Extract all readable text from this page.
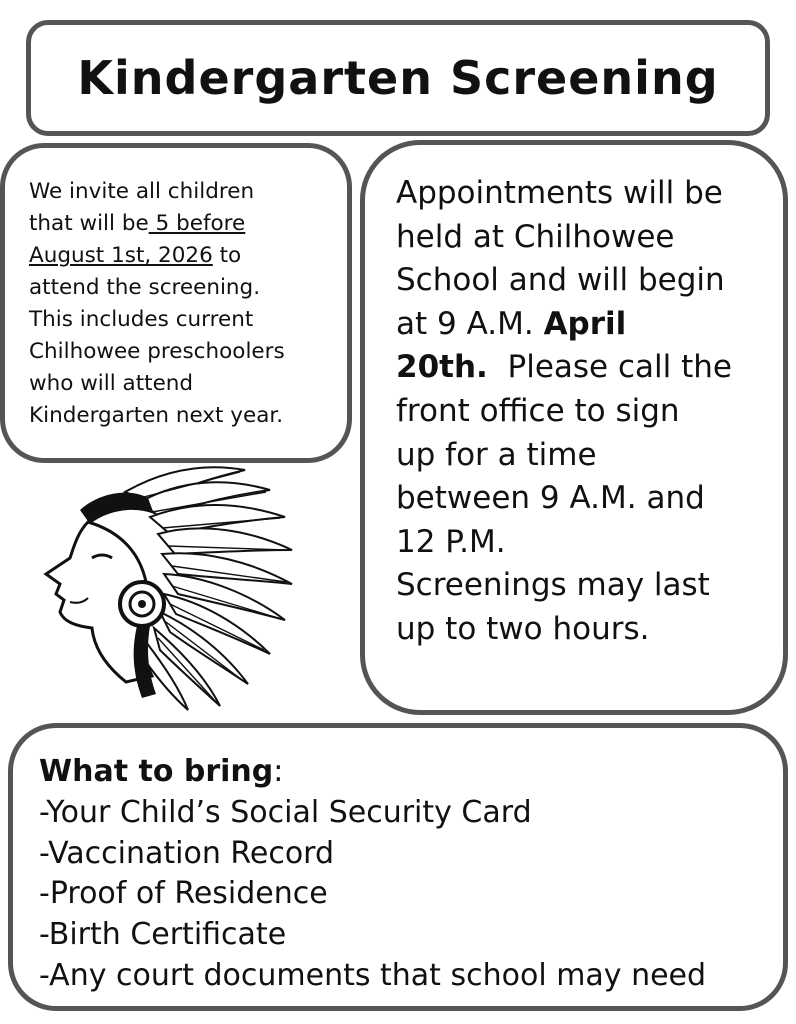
Kindergarten Screening
We invite all children
that will be 5 before
August 1st, 2026 to
attend the screening.
This includes current
Chilhowee preschoolers
who will attend
Kindergarten next year.
Appointments will be
held at Chilhowee
School and will begin
at 9 A.M. April
20th.  Please call the
front office to sign
up for a time
between 9 A.M. and
12 P.M.
Screenings may last
up to two hours.
What to bring:
-Your Child’s Social Security Card
-Vaccination Record
-Proof of Residence
-Birth Certificate
-Any court documents that school may need
